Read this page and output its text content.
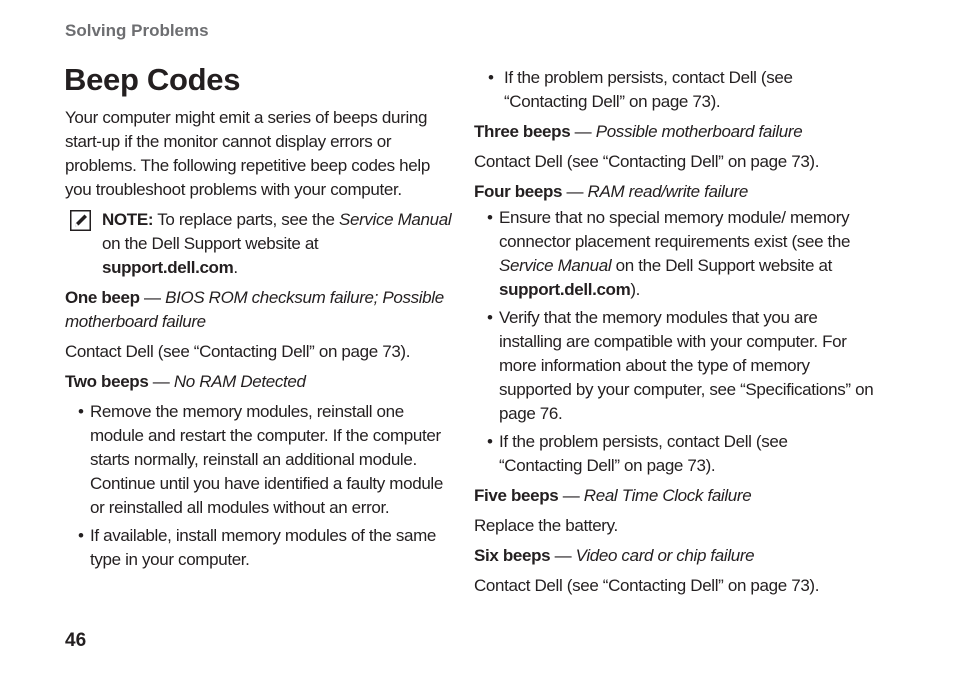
Solving Problems
Beep Codes

Your computer might emit a series of beeps during start-up if the monitor cannot display errors or problems. The following repetitive beep codes help you troubleshoot problems with your computer.

NOTE: To replace parts, see the Service Manual on the Dell Support website at support.dell.com.

One beep — BIOS ROM checksum failure; Possible motherboard failure

Contact Dell (see “Contacting Dell” on page 73).

Two beeps — No RAM Detected

• Remove the memory modules, reinstall one module and restart the computer. If the computer starts normally, reinstall an additional module. Continue until you have identified a faulty module or reinstalled all modules without an error.
• If available, install memory modules of the same type in your computer.
• If the problem persists, contact Dell (see “Contacting Dell” on page 73).

Three beeps — Possible motherboard failure

Contact Dell (see “Contacting Dell” on page 73).

Four beeps — RAM read/write failure

• Ensure that no special memory module/ memory connector placement requirements exist (see the Service Manual on the Dell Support website at support.dell.com).
• Verify that the memory modules that you are installing are compatible with your computer. For more information about the type of memory supported by your computer, see “Specifications” on page 76.
• If the problem persists, contact Dell (see “Contacting Dell” on page 73).

Five beeps — Real Time Clock failure

Replace the battery.

Six beeps — Video card or chip failure

Contact Dell (see “Contacting Dell” on page 73).

46
